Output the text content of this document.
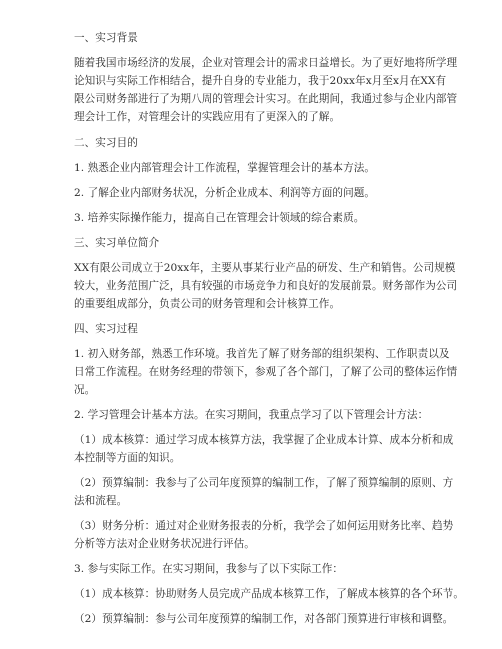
一、实习背景
随着我国市场经济的发展，企业对管理会计的需求日益增长。为了更好地将所学理
论知识与实际工作相结合，提升自身的专业能力，我于20xx年x月至x月在XX有
限公司财务部进行了为期八周的管理会计实习。在此期间，我通过参与企业内部管
理会计工作，对管理会计的实践应用有了更深入的了解。
二、实习目的
1. 熟悉企业内部管理会计工作流程，掌握管理会计的基本方法。
2. 了解企业内部财务状况，分析企业成本、利润等方面的问题。
3. 培养实际操作能力，提高自己在管理会计领域的综合素质。
三、实习单位简介
XX有限公司成立于20xx年，主要从事某行业产品的研发、生产和销售。公司规模
较大，业务范围广泛，具有较强的市场竞争力和良好的发展前景。财务部作为公司
的重要组成部分，负责公司的财务管理和会计核算工作。
四、实习过程
1. 初入财务部，熟悉工作环境。我首先了解了财务部的组织架构、工作职责以及
日常工作流程。在财务经理的带领下，参观了各个部门，了解了公司的整体运作情
况。
2. 学习管理会计基本方法。在实习期间，我重点学习了以下管理会计方法：
（1）成本核算：通过学习成本核算方法，我掌握了企业成本计算、成本分析和成
本控制等方面的知识。
（2）预算编制：我参与了公司年度预算的编制工作，了解了预算编制的原则、方
法和流程。
（3）财务分析：通过对企业财务报表的分析，我学会了如何运用财务比率、趋势
分析等方法对企业财务状况进行评估。
3. 参与实际工作。在实习期间，我参与了以下实际工作：
（1）成本核算：协助财务人员完成产品成本核算工作，了解成本核算的各个环节。
（2）预算编制：参与公司年度预算的编制工作，对各部门预算进行审核和调整。
